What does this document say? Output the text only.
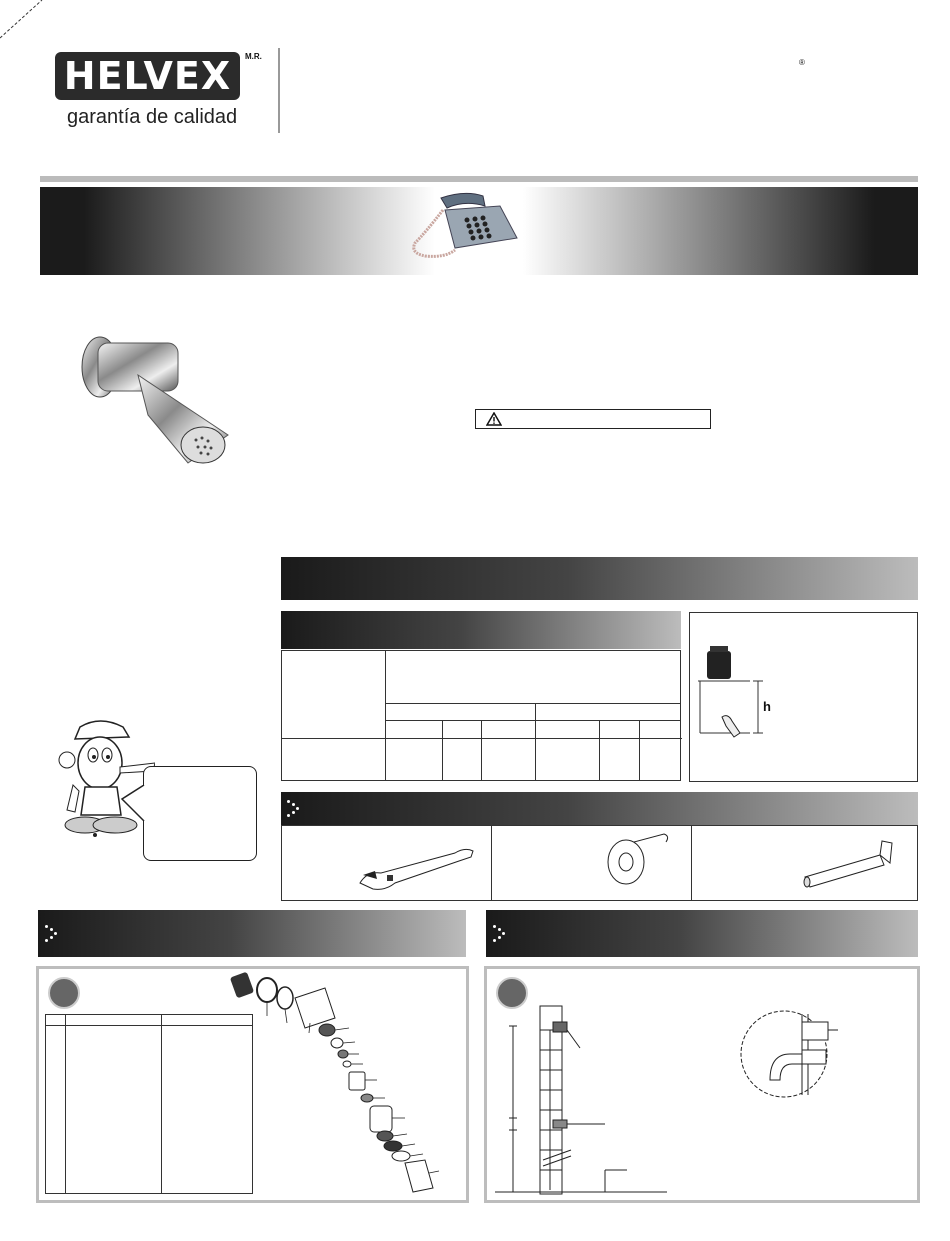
HELVEX	M.R.
garantía de calidad
®
h
